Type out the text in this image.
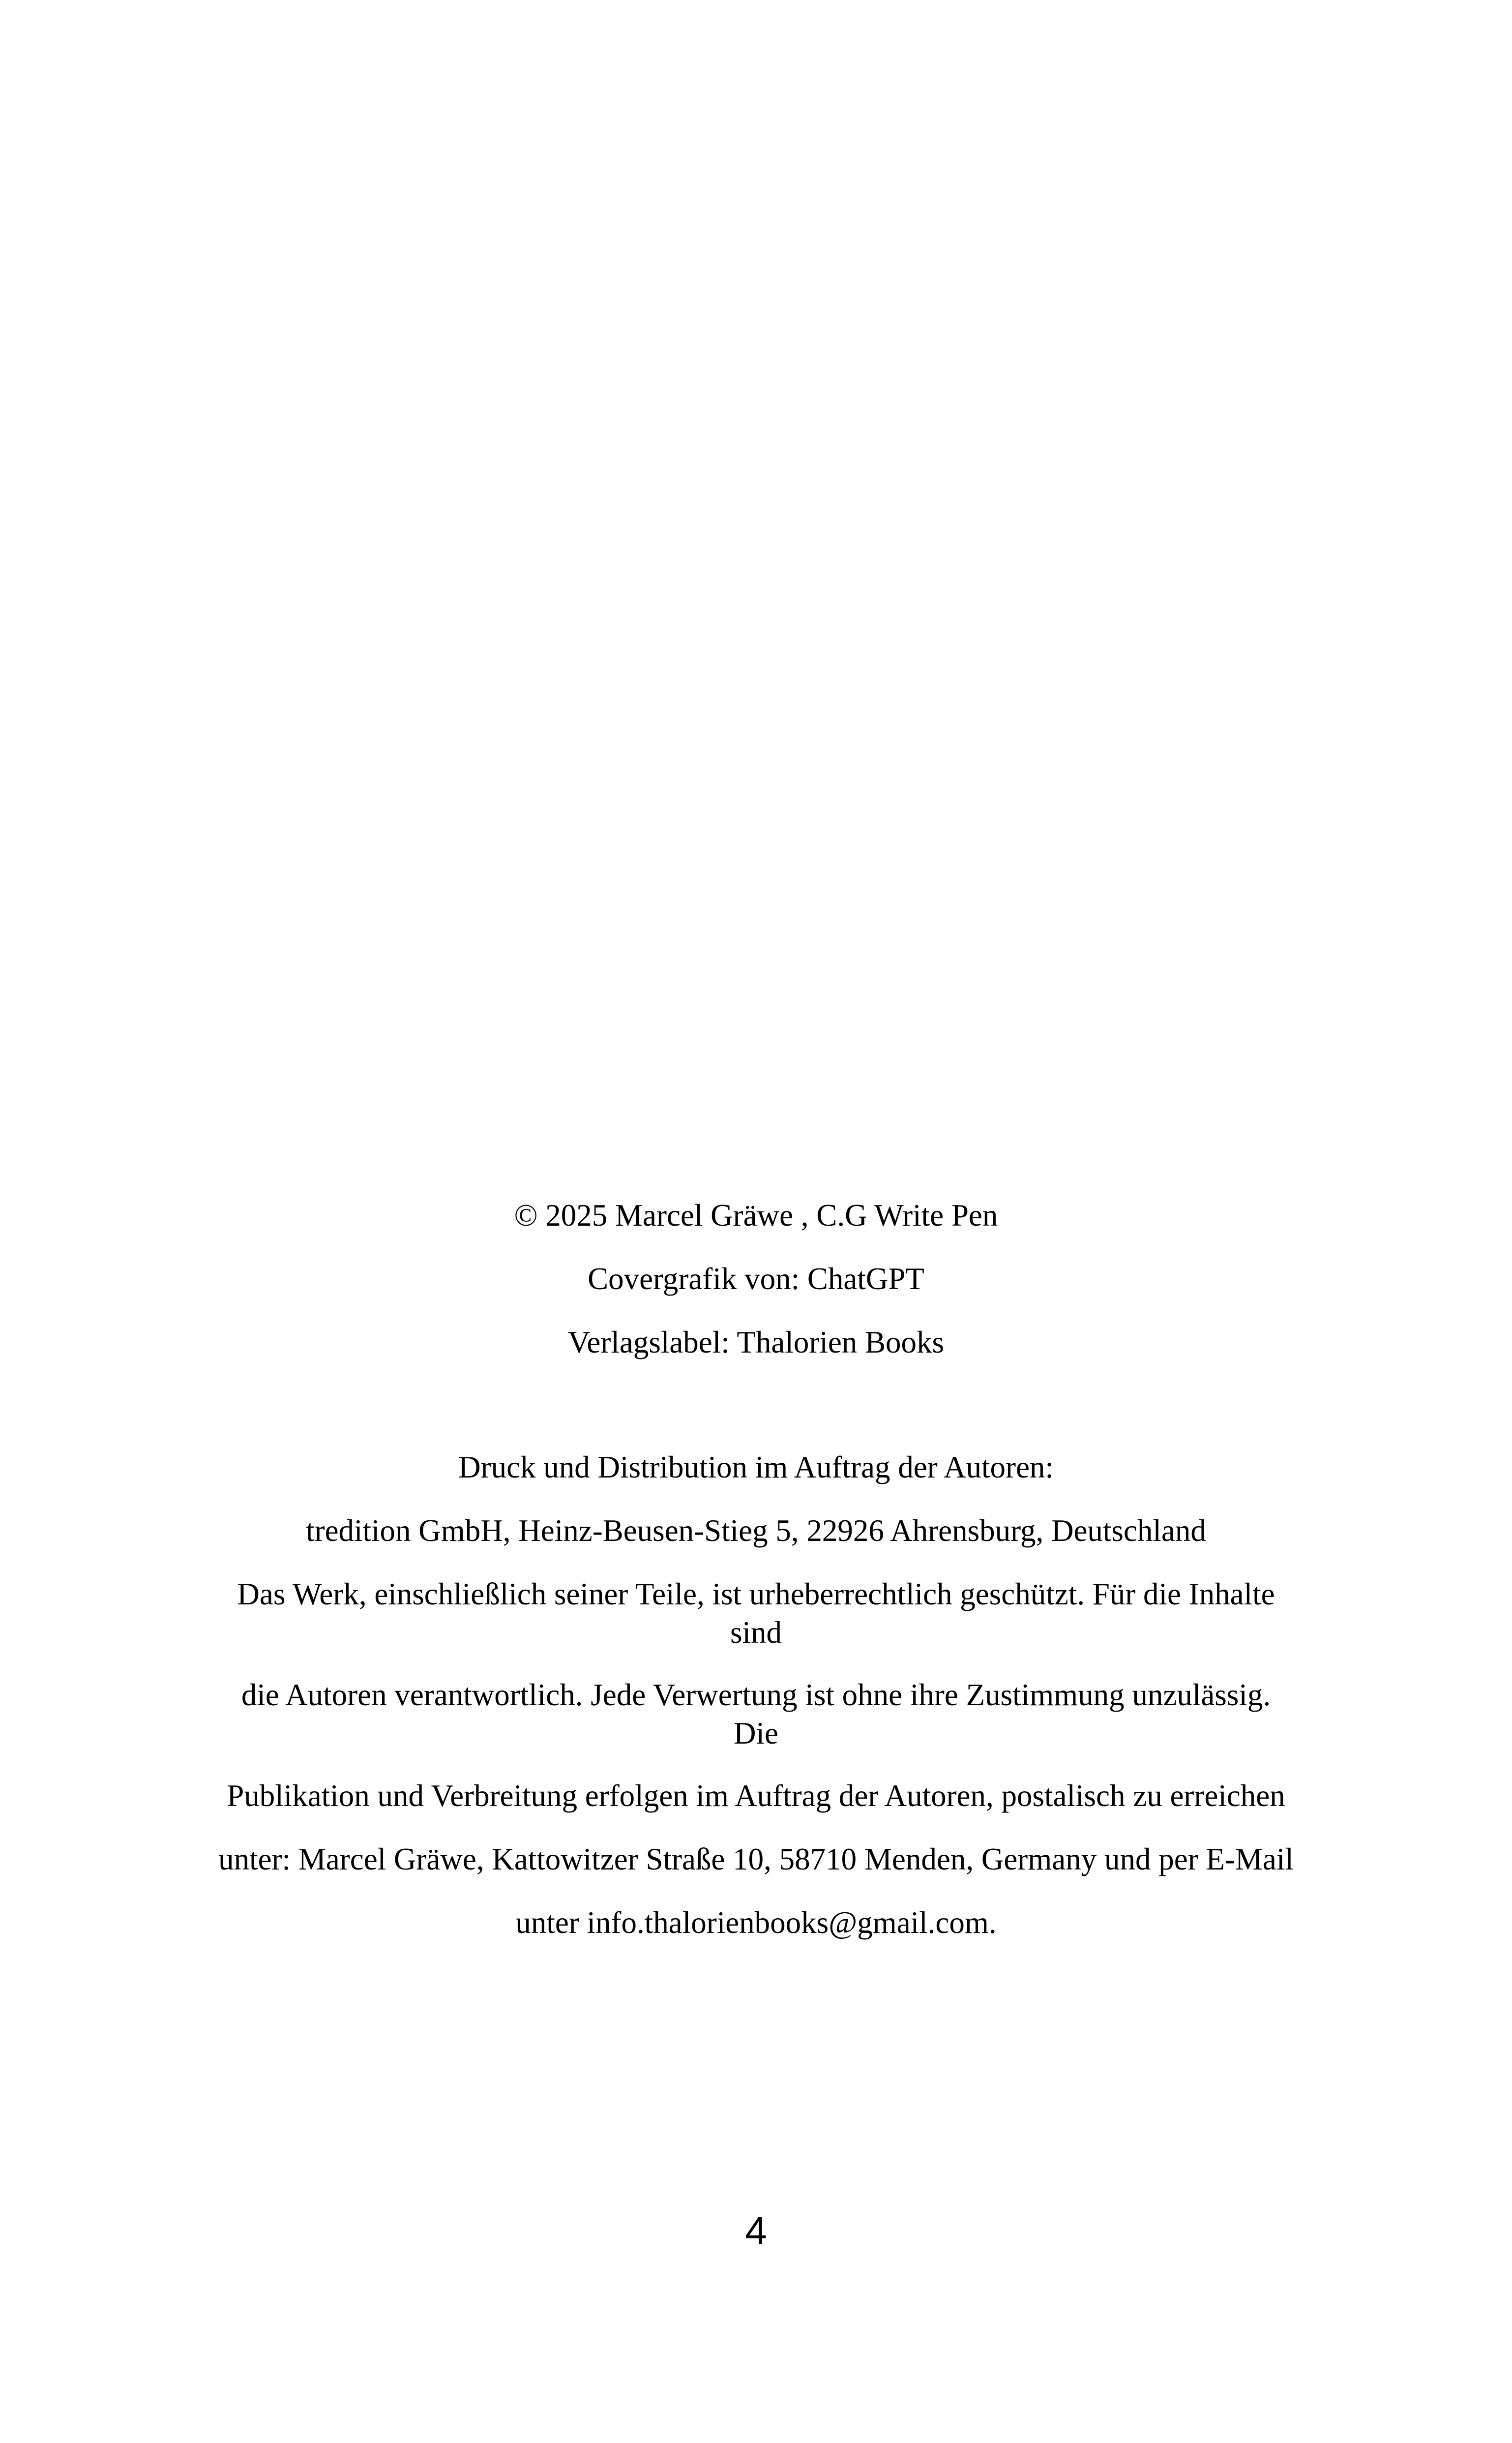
© 2025 Marcel Gräwe , C.G Write Pen
Covergrafik von: ChatGPT
Verlagslabel: Thalorien Books
Druck und Distribution im Auftrag der Autoren:
tredition GmbH, Heinz-Beusen-Stieg 5, 22926 Ahrensburg, Deutschland
Das Werk, einschließlich seiner Teile, ist urheberrechtlich geschützt. Für die Inhalte
sind
die Autoren verantwortlich. Jede Verwertung ist ohne ihre Zustimmung unzulässig.
Die
Publikation und Verbreitung erfolgen im Auftrag der Autoren, postalisch zu erreichen
unter: Marcel Gräwe, Kattowitzer Straße 10, 58710 Menden, Germany und per E-Mail
unter info.thalorienbooks@gmail.com.
4
